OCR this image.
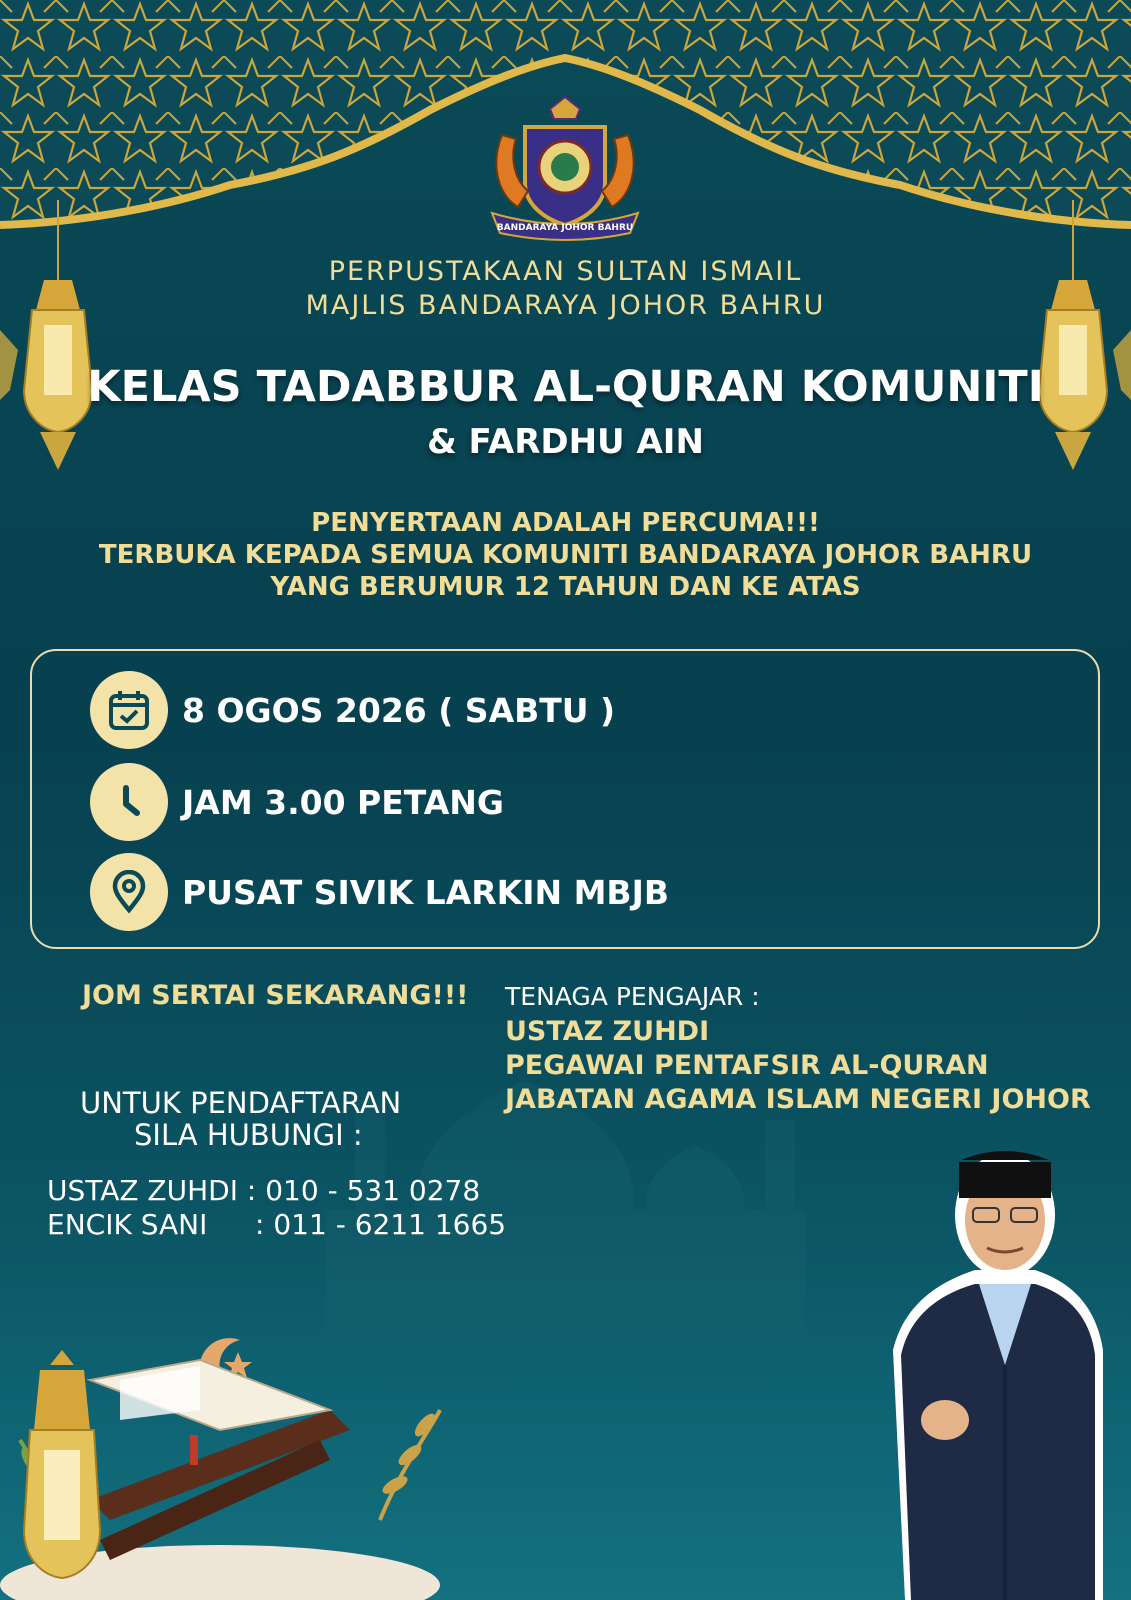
BANDARAYA JOHOR BAHRU
PERPUSTAKAAN SULTAN ISMAIL
MAJLIS BANDARAYA JOHOR BAHRU
KELAS TADABBUR AL-QURAN KOMUNITI
& FARDHU AIN
PENYERTAAN ADALAH PERCUMA!!!
TERBUKA KEPADA SEMUA KOMUNITI BANDARAYA JOHOR BAHRU
YANG BERUMUR 12 TAHUN DAN KE ATAS
8 OGOS 2026 ( SABTU )
JAM 3.00 PETANG
PUSAT SIVIK LARKIN MBJB
JOM SERTAI SEKARANG!!!
UNTUK PENDAFTARAN
SILA HUBUNGI :
USTAZ ZUHDI : 010 - 531 0278
ENCIK SANI : 011 - 6211 1665
TENAGA PENGAJAR :
USTAZ ZUHDI
PEGAWAI PENTAFSIR AL-QURAN
JABATAN AGAMA ISLAM NEGERI JOHOR
